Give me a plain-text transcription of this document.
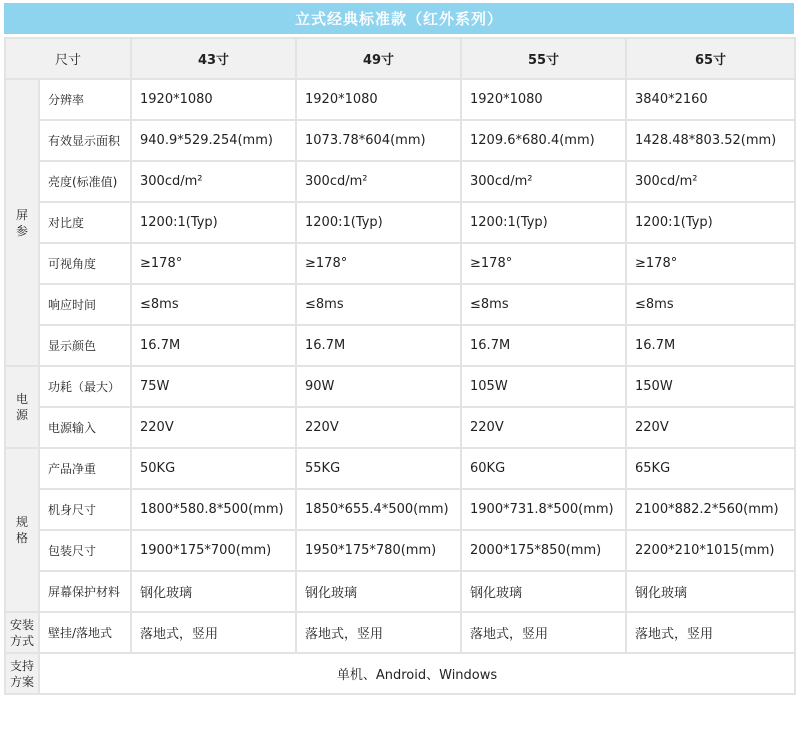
立式经典标准款（红外系列）
尺寸		43寸	49寸	55寸	65寸
屏参	分辨率	1920*1080	1920*1080	1920*1080	3840*2160
	有效显示面积	940.9*529.254(mm)	1073.78*604(mm)	1209.6*680.4(mm)	1428.48*803.52(mm)
	亮度(标准值)	300cd/m²	300cd/m²	300cd/m²	300cd/m²
	对比度	1200:1(Typ)	1200:1(Typ)	1200:1(Typ)	1200:1(Typ)
	可视角度	≥178°	≥178°	≥178°	≥178°
	响应时间	≤8ms	≤8ms	≤8ms	≤8ms
	显示颜色	16.7M	16.7M	16.7M	16.7M
电源	功耗（最大）	75W	90W	105W	150W
	电源输入	220V	220V	220V	220V
规格	产品净重	50KG	55KG	60KG	65KG
	机身尺寸	1800*580.8*500(mm)	1850*655.4*500(mm)	1900*731.8*500(mm)	2100*882.2*560(mm)
	包装尺寸	1900*175*700(mm)	1950*175*780(mm)	2000*175*850(mm)	2200*210*1015(mm)
	屏幕保护材料	钢化玻璃	钢化玻璃	钢化玻璃	钢化玻璃
安装方式	壁挂/落地式	落地式，竖用	落地式，竖用	落地式，竖用	落地式，竖用
支持方案	单机、Android、Windows				
